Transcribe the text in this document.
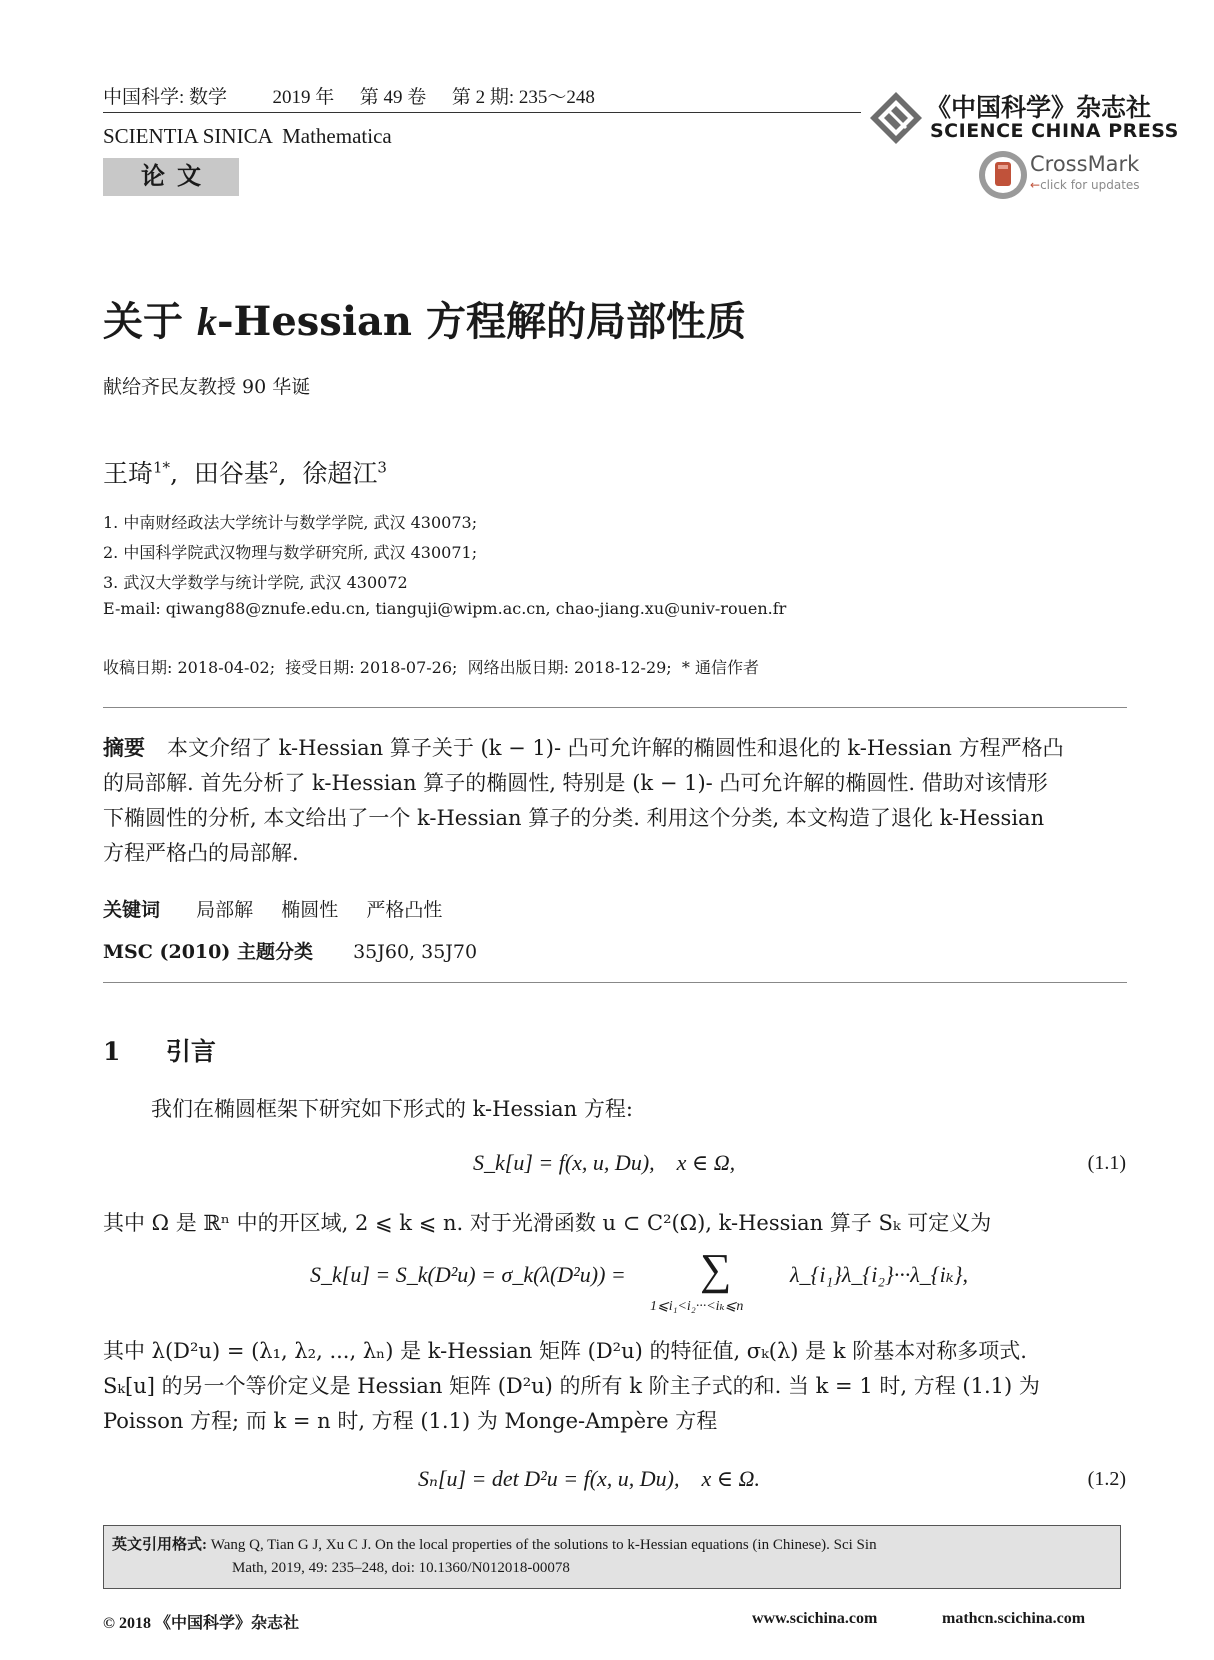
中国科学: 数学 2019 年 第 49 卷 第 2 期: 235～248
SCIENTIA SINICA  Mathematica
论  文
《中国科学》杂志社
SCIENCE CHINA PRESS
CrossMark
←click for updates
关于 k-Hessian 方程解的局部性质
献给齐民友教授 90 华诞
王琦$^{1*}$,  田谷基$^2$,  徐超江$^3$
1. 中南财经政法大学统计与数学学院, 武汉 430073;
2. 中国科学院武汉物理与数学研究所, 武汉 430071;
3. 武汉大学数学与统计学院, 武汉 430072
E-mail: qiwang88@znufe.edu.cn, tianguji@wipm.ac.cn, chao-jiang.xu@univ-rouen.fr
收稿日期: 2018-04-02;  接受日期: 2018-07-26;  网络出版日期: 2018-12-29;  * 通信作者
摘要 本文介绍了 k-Hessian 算子关于 (k − 1)- 凸可允许解的椭圆性和退化的 k-Hessian 方程严格凸
的局部解. 首先分析了 k-Hessian 算子的椭圆性, 特别是 (k − 1)- 凸可允许解的椭圆性. 借助对该情形
下椭圆性的分析, 本文给出了一个 k-Hessian 算子的分类. 利用这个分类, 本文构造了退化 k-Hessian
方程严格凸的局部解.
关键词 局部解 椭圆性 严格凸性
MSC (2010) 主题分类 35J60, 35J70
1 引言
我们在椭圆框架下研究如下形式的 k-Hessian 方程:
S_k[u] = f(x, u, Du),    x ∈ Ω,	(1.1)
其中 Ω 是 ℝⁿ 中的开区域, 2 ⩽ k ⩽ n. 对于光滑函数 u ⊂ C²(Ω), k-Hessian 算子 Sₖ 可定义为
S_k[u] = S_k(D²u) = σ_k(λ(D²u)) = ∑
1⩽i₁<i₂···<iₖ⩽n
λ_{i₁}λ_{i₂}···λ_{iₖ},
其中 λ(D²u) = (λ₁, λ₂, ..., λₙ) 是 k-Hessian 矩阵 (D²u) 的特征值, σₖ(λ) 是 k 阶基本对称多项式.
Sₖ[u] 的另一个等价定义是 Hessian 矩阵 (D²u) 的所有 k 阶主子式的和. 当 k = 1 时, 方程 (1.1) 为
Poisson 方程; 而 k = n 时, 方程 (1.1) 为 Monge-Ampère 方程
Sₙ[u] = det D²u = f(x, u, Du),    x ∈ Ω.	(1.2)
英文引用格式: Wang Q, Tian G J, Xu C J. On the local properties of the solutions to k-Hessian equations (in Chinese). Sci Sin
Math, 2019, 49: 235–248, doi: 10.1360/N012018-00078
© 2018 《中国科学》杂志社	www.scichina.com	mathcn.scichina.com
